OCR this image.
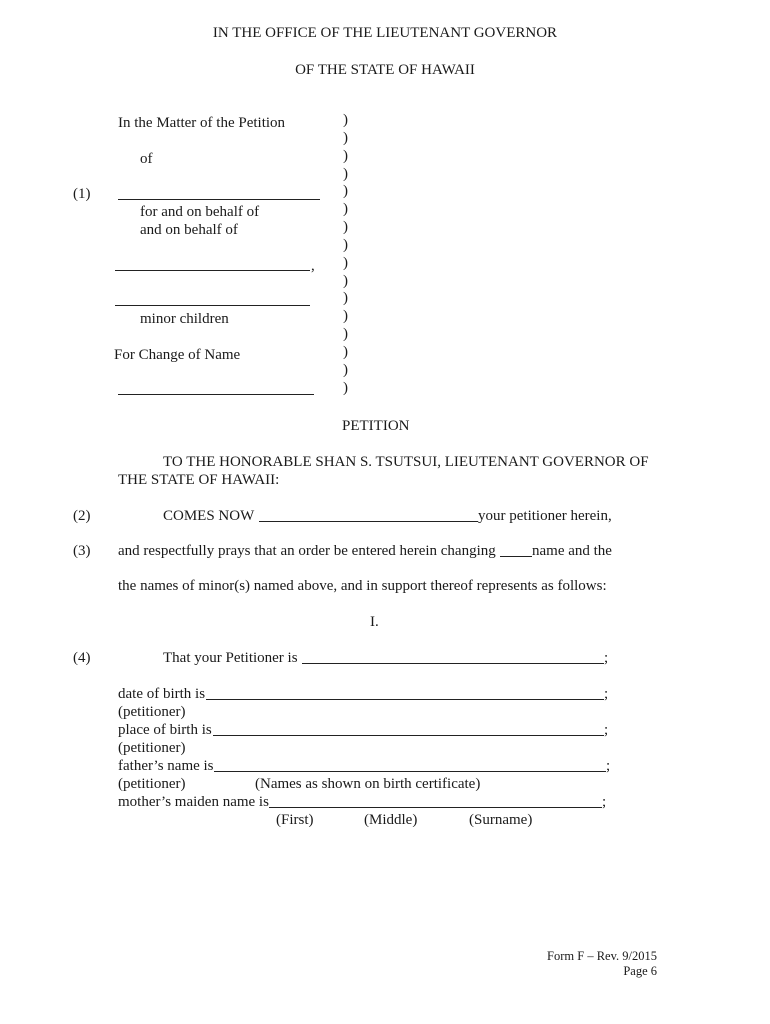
IN THE OFFICE OF THE LIEUTENANT GOVERNOR
OF THE STATE OF HAWAII
In the Matter of the Petition
of
(1)
for and on behalf of
and on behalf of
,
minor children
For Change of Name
)
)
)
)
)
)
)
)
)
)
)
)
)
)
)
)
PETITION
TO THE HONORABLE SHAN S. TSUTSUI, LIEUTENANT GOVERNOR OF
THE STATE OF HAWAII:
(2)	COMES NOW	your petitioner herein,
(3) and respectfully prays that an order be entered herein changing name and the
the names of minor(s) named above, and in support thereof represents as follows:
I.
(4)	That your Petitioner is	;
date of birth is	;
(petitioner)
place of birth is	;
(petitioner)
father’s name is	;
(petitioner)	(Names as shown on birth certificate)
mother’s maiden name is	;
(First)	(Middle)	(Surname)
Form F – Rev. 9/2015
Page 6
